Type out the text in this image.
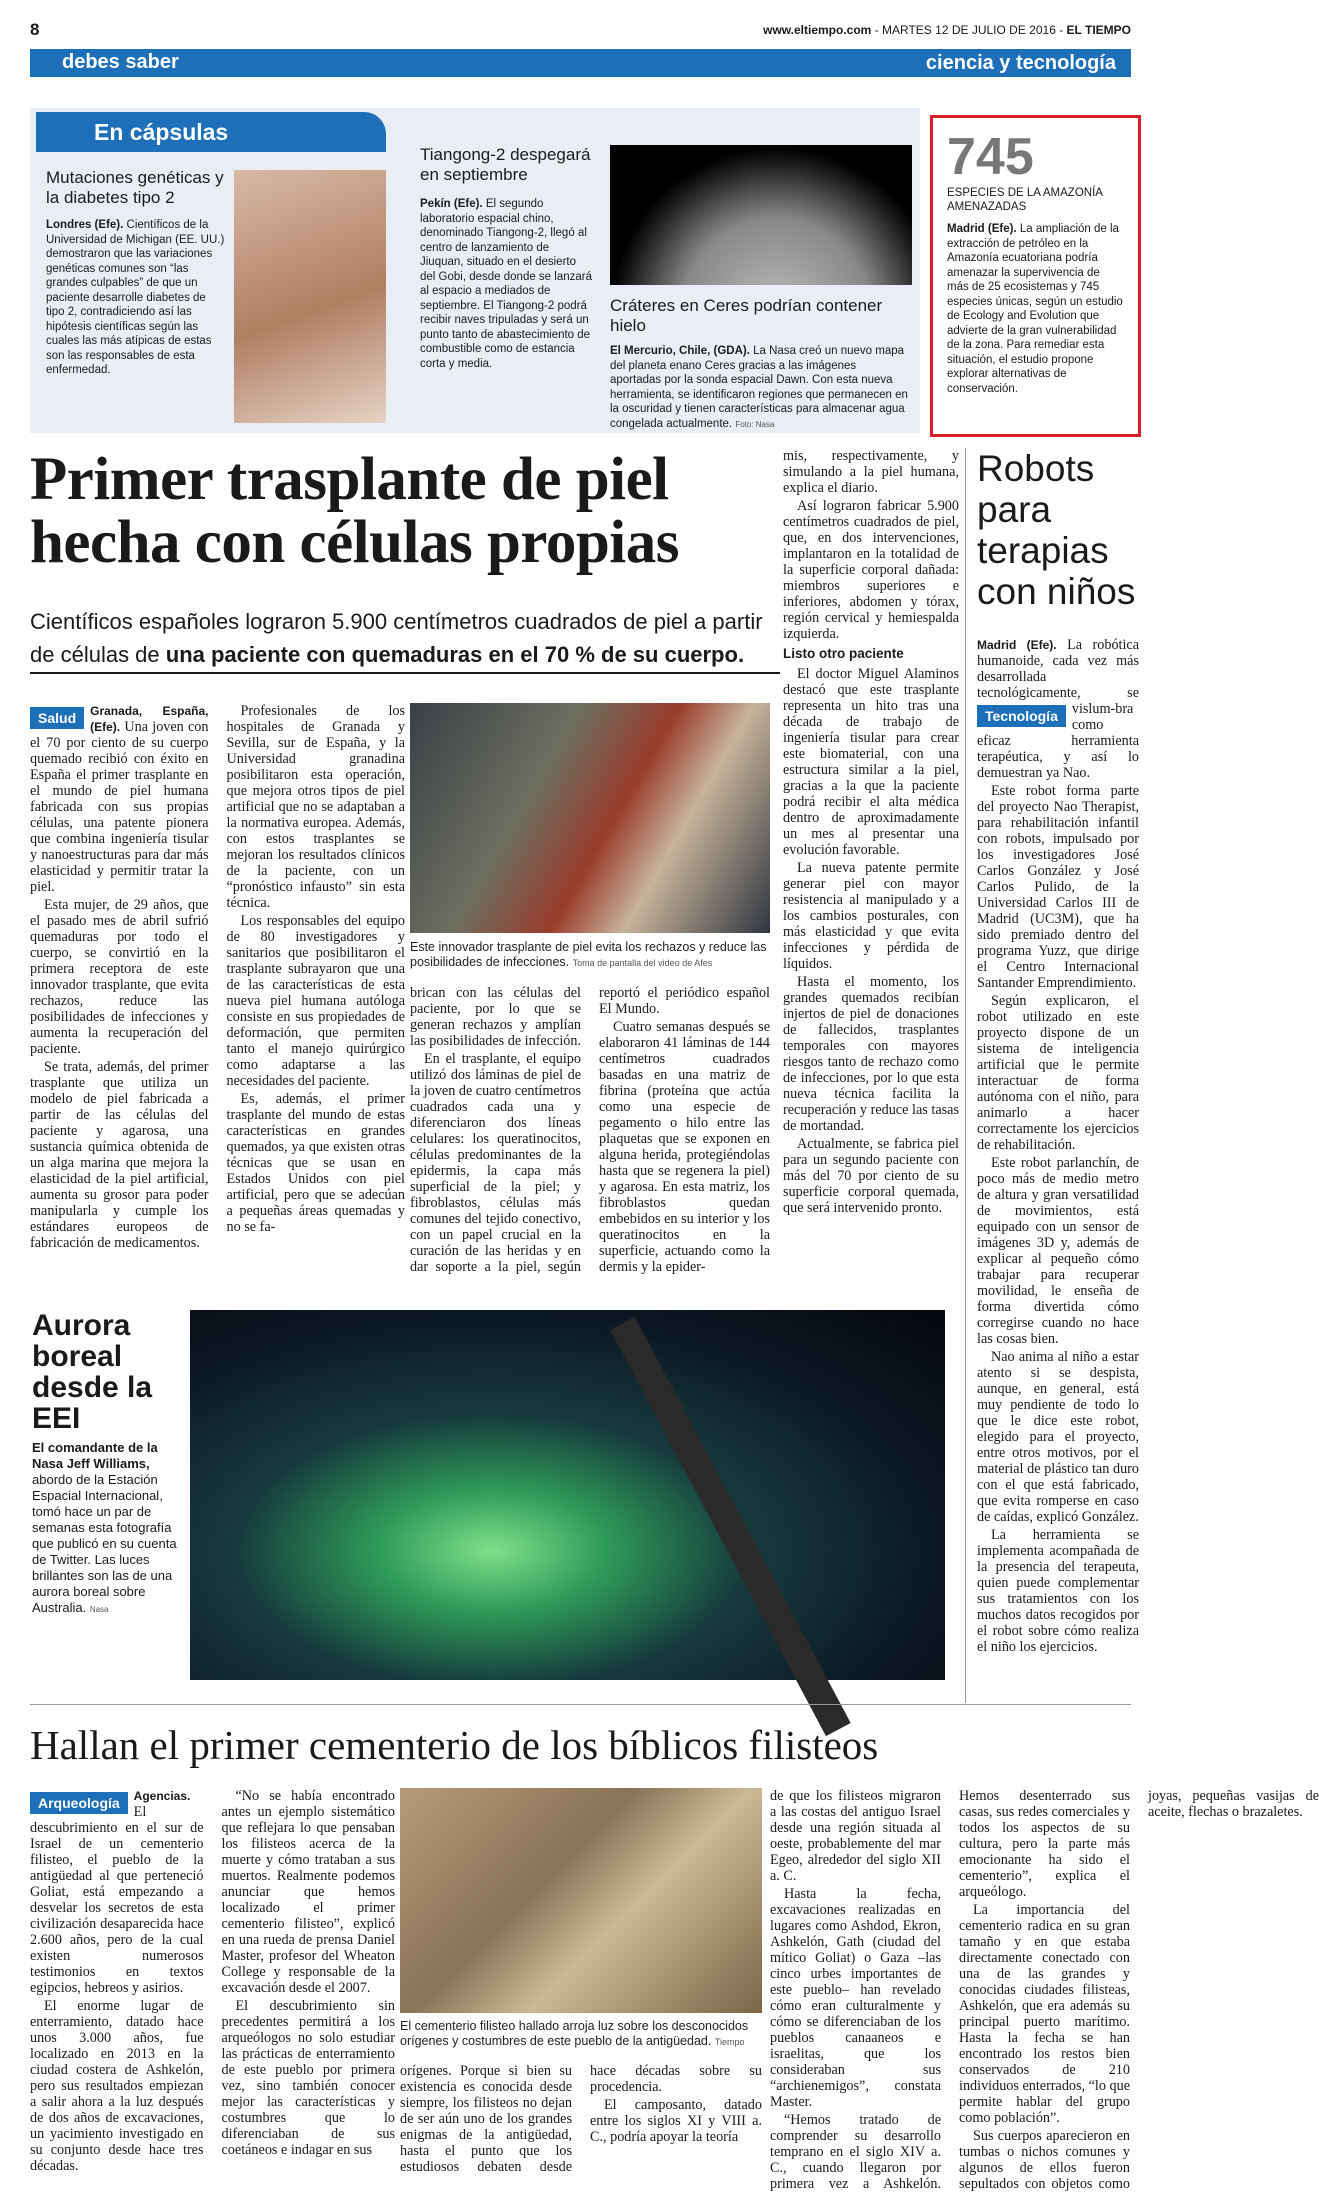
8	www.eltiempo.com - MARTES 12 DE JULIO DE 2016 - EL TIEMPO
debes saber	ciencia y tecnología
En cápsulas
Mutaciones genéticas y la diabetes tipo 2
Londres (Efe). Científicos de la Universidad de Michigan (EE. UU.) demostraron que las variaciones genéticas comunes son “las grandes culpables” de que un paciente desarrolle diabetes de tipo 2, contradiciendo así las hipótesis científicas según las cuales las más atípicas de estas son las responsables de esta enfermedad.
Tiangong-2 despegará en septiembre
Pekín (Efe). El segundo laboratorio espacial chino, denominado Tiangong-2, llegó al centro de lanzamiento de Jiuquan, situado en el desierto del Gobi, desde donde se lanzará al espacio a mediados de septiembre. El Tiangong-2 podrá recibir naves tripuladas y será un punto tanto de abastecimiento de combustible como de estancia corta y media.
Cráteres en Ceres podrían contener hielo
El Mercurio, Chile, (GDA). La Nasa creó un nuevo mapa del planeta enano Ceres gracias a las imágenes aportadas por la sonda espacial Dawn. Con esta nueva herramienta, se identificaron regiones que permanecen en la oscuridad y tienen características para almacenar agua congelada actualmente. Foto: Nasa
745
ESPECIES DE LA AMAZONÍA AMENAZADAS
Madrid (Efe). La ampliación de la extracción de petróleo en la Amazonía ecuatoriana podría amenazar la supervivencia de más de 25 ecosistemas y 745 especies únicas, según un estudio de Ecology and Evolution que advierte de la gran vulnerabilidad de la zona. Para remediar esta situación, el estudio propone explorar alternativas de conservación.
Primer trasplante de piel hecha con células propias
Científicos españoles lograron 5.900 centímetros cuadrados de piel a partir de células de una paciente con quemaduras en el 70 % de su cuerpo.

Salud	Granada, España, (Efe). Una joven con el 70 por ciento de su cuerpo quemado recibió con éxito en España el primer trasplante en el mundo de piel humana fabricada con sus propias células, una patente pionera que combina ingeniería tisular y nanoestructuras para dar más elasticidad y permitir tratar la piel.

Esta mujer, de 29 años, que el pasado mes de abril sufrió quemaduras por todo el cuerpo, se convirtió en la primera receptora de este innovador trasplante, que evita rechazos, reduce las posibilidades de infecciones y aumenta la recuperación del paciente.

Se trata, además, del primer trasplante que utiliza un modelo de piel fabricada a partir de las células del paciente y agarosa, una sustancia química obtenida de un alga marina que mejora la elasticidad de la piel artificial, aumenta su grosor para poder manipularla y cumple los estándares europeos de fabricación de medicamentos.

Profesionales de los hospitales de Granada y Sevilla, sur de España, y la Universidad granadina posibilitaron esta operación, que mejora otros tipos de piel artificial que no se adaptaban a la normativa europea. Además, con estos trasplantes se mejoran los resultados clínicos de la paciente, con un “pronóstico infausto” sin esta técnica.

Los responsables del equipo de 80 investigadores y sanitarios que posibilitaron el trasplante subrayaron que una de las características de esta nueva piel humana autóloga consiste en sus propiedades de deformación, que permiten tanto el manejo quirúrgico como adaptarse a las necesidades del paciente.

Es, además, el primer trasplante del mundo de estas características en grandes quemados, ya que existen otras técnicas que se usan en Estados Unidos con piel artificial, pero que se adecúan a pequeñas áreas quemadas y no se fa-

Este innovador trasplante de piel evita los rechazos y reduce las posibilidades de infecciones. Toma de pantalla del video de Afes

brican con las células del paciente, por lo que se generan rechazos y amplían las posibilidades de infección.

En el trasplante, el equipo utilizó dos láminas de piel de la joven de cuatro centímetros cuadrados cada una y diferenciaron dos líneas celulares: los queratinocitos, células predominantes de la epidermis, la capa más superficial de la piel; y fibroblastos, células más comunes del tejido conectivo, con un papel crucial en la curación de las heridas y en dar soporte a la piel, según reportó el periódico español El Mundo.

Cuatro semanas después se elaboraron 41 láminas de 144 centímetros cuadrados basadas en una matriz de fibrina (proteína que actúa como una especie de pegamento o hilo entre las plaquetas que se exponen en alguna herida, protegiéndolas hasta que se regenera la piel) y agarosa. En esta matriz, los fibroblastos quedan embebidos en su interior y los queratinocitos en la superficie, actuando como la dermis y la epider-

mis, respectivamente, y simulando a la piel humana, explica el diario.

Así lograron fabricar 5.900 centímetros cuadrados de piel, que, en dos intervenciones, implantaron en la totalidad de la superficie corporal dañada: miembros superiores e inferiores, abdomen y tórax, región cervical y hemiespalda izquierda.

Listo otro paciente

El doctor Miguel Alaminos destacó que este trasplante representa un hito tras una década de trabajo de ingeniería tisular para crear este biomaterial, con una estructura similar a la piel, gracias a la que la paciente podrá recibir el alta médica dentro de aproximadamente un mes al presentar una evolución favorable.

La nueva patente permite generar piel con mayor resistencia al manipulado y a los cambios posturales, con más elasticidad y que evita infecciones y pérdida de líquidos.

Hasta el momento, los grandes quemados recibían injertos de piel de donaciones de fallecidos, trasplantes temporales con mayores riesgos tanto de rechazo como de infecciones, por lo que esta nueva técnica facilita la recuperación y reduce las tasas de mortandad.

Actualmente, se fabrica piel para un segundo paciente con más del 70 por ciento de su superficie corporal quemada, que será intervenido pronto.

Robots para terapias con niños

Madrid (Efe). La robótica humanoide, cada vez más desarrollada tecnológicamente, se vislum-
Tecnología	bra como eficaz herramienta terapéutica, y así lo demuestran ya Nao.

Este robot forma parte del proyecto Nao Therapist, para rehabilitación infantil con robots, impulsado por los investigadores José Carlos González y José Carlos Pulido, de la Universidad Carlos III de Madrid (UC3M), que ha sido premiado dentro del programa Yuzz, que dirige el Centro Internacional Santander Emprendimiento.

Según explicaron, el robot utilizado en este proyecto dispone de un sistema de inteligencia artificial que le permite interactuar de forma autónoma con el niño, para animarlo a hacer correctamente los ejercicios de rehabilitación.

Este robot parlanchín, de poco más de medio metro de altura y gran versatilidad de movimientos, está equipado con un sensor de imágenes 3D y, además de explicar al pequeño cómo trabajar para recuperar movilidad, le enseña de forma divertida cómo corregirse cuando no hace las cosas bien.

Nao anima al niño a estar atento si se despista, aunque, en general, está muy pendiente de todo lo que le dice este robot, elegido para el proyecto, entre otros motivos, por el material de plástico tan duro con el que está fabricado, que evita romperse en caso de caídas, explicó González.

La herramienta se implementa acompañada de la presencia del terapeuta, quien puede complementar sus tratamientos con los muchos datos recogidos por el robot sobre cómo realiza el niño los ejercicios.

Aurora boreal desde la EEI
El comandante de la Nasa Jeff Williams, abordo de la Estación Espacial Internacional, tomó hace un par de semanas esta fotografía que publicó en su cuenta de Twitter. Las luces brillantes son las de una aurora boreal sobre Australia. Nasa
Hallan el primer cementerio de los bíblicos filisteos

Agencias.
Arqueología
El descubrimiento en el sur de Israel de un cementerio filisteo, el pueblo de la antigüedad al que perteneció Goliat, está empezando a desvelar los secretos de esta civilización desaparecida hace 2.600 años, pero de la cual existen numerosos testimonios en textos egipcios, hebreos y asirios.

El enorme lugar de enterramiento, datado hace unos 3.000 años, fue localizado en 2013 en la ciudad costera de Ashkelón, pero sus resultados empiezan a salir ahora a la luz después de dos años de excavaciones, un yacimiento investigado en su conjunto desde hace tres décadas.

“No se había encontrado antes un ejemplo sistemático que reflejara lo que pensaban los filisteos acerca de la muerte y cómo trataban a sus muertos. Realmente podemos anunciar que hemos localizado el primer cementerio filisteo”, explicó en una rueda de prensa Daniel Master, profesor del Wheaton College y responsable de la excavación desde el 2007.

El descubrimiento sin precedentes permitirá a los arqueólogos no solo estudiar las prácticas de enterramiento de este pueblo por primera vez, sino también conocer mejor las características y costumbres que lo diferenciaban de sus coetáneos e indagar en sus

El cementerio filisteo hallado arroja luz sobre los desconocidos orígenes y costumbres de este pueblo de la antigüedad. Tiempo

orígenes. Porque si bien su existencia es conocida desde siempre, los filisteos no dejan de ser aún uno de los grandes enigmas de la antigüedad, hasta el punto que los estudiosos debaten desde hace décadas sobre su procedencia.

El camposanto, datado entre los siglos XI y VIII a. C., podría apoyar la teoría

de que los filisteos migraron a las costas del antiguo Israel desde una región situada al oeste, probablemente del mar Egeo, alrededor del siglo XII a. C.

Hasta la fecha, excavaciones realizadas en lugares como Ashdod, Ekron, Ashkelón, Gath (ciudad del mítico Goliat) o Gaza –las cinco urbes importantes de este pueblo– han revelado cómo eran culturalmente y cómo se diferenciaban de los pueblos canaaneos e israelitas, que los consideraban sus “archienemigos”, constata Master.

“Hemos tratado de comprender su desarrollo temprano en el siglo XIV a. C., cuando llegaron por primera vez a Ashkelón. Hemos desenterrado sus casas, sus redes comerciales y todos los aspectos de su cultura, pero la parte más emocionante ha sido el cementerio”, explica el arqueólogo.

La importancia del cementerio radica en su gran tamaño y en que estaba directamente conectado con una de las grandes y conocidas ciudades filisteas, Ashkelón, que era además su principal puerto marítimo. Hasta la fecha se han encontrado los restos bien conservados de 210 individuos enterrados, “lo que permite hablar del grupo como población”.

Sus cuerpos aparecieron en tumbas o nichos comunes y algunos de ellos fueron sepultados con objetos como joyas, pequeñas vasijas de aceite, flechas o brazaletes.
